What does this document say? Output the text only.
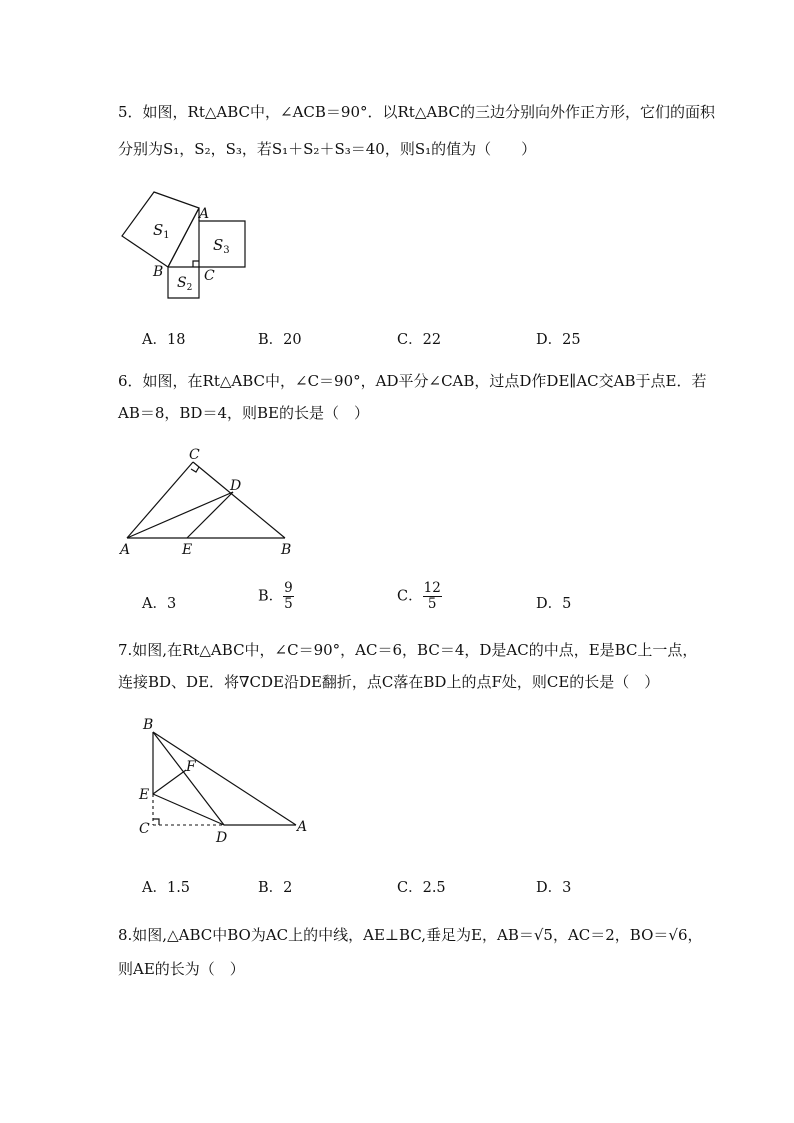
5．如图，Rt△ABC中，∠ACB＝90°．以Rt△ABC的三边分别向外作正方形，它们的面积
分别为S₁，S₂，S₃，若S₁＋S₂＋S₃＝40，则S₁的值为（　　）
A
B	C
$S_1$
$S_3$
$S_2$
A．18	B．20	C．22	D．25
6．如图，在Rt△ABC中，∠C＝90°，AD平分∠CAB，过点D作DE∥AC交AB于点E．若
AB＝8，BD＝4，则BE的长是（　）
C
D
A	E	B
A．3	B． $\frac{9}{5}$	C． $\frac{12}{5}$	D．5
7.如图,在Rt△ABC中，∠C＝90°，AC＝6，BC＝4，D是AC的中点，E是BC上一点，
连接BD、DE．将∇CDE沿DE翻折，点C落在BD上的点F处，则CE的长是（　）
B
F
E
C
D
A
A．1.5	B．2	C．2.5	D．3
8.如图,△ABC中BO为AC上的中线，AE⊥BC,垂足为E，AB＝√5，AC＝2，BO＝√6，
则AE的长为（　）
